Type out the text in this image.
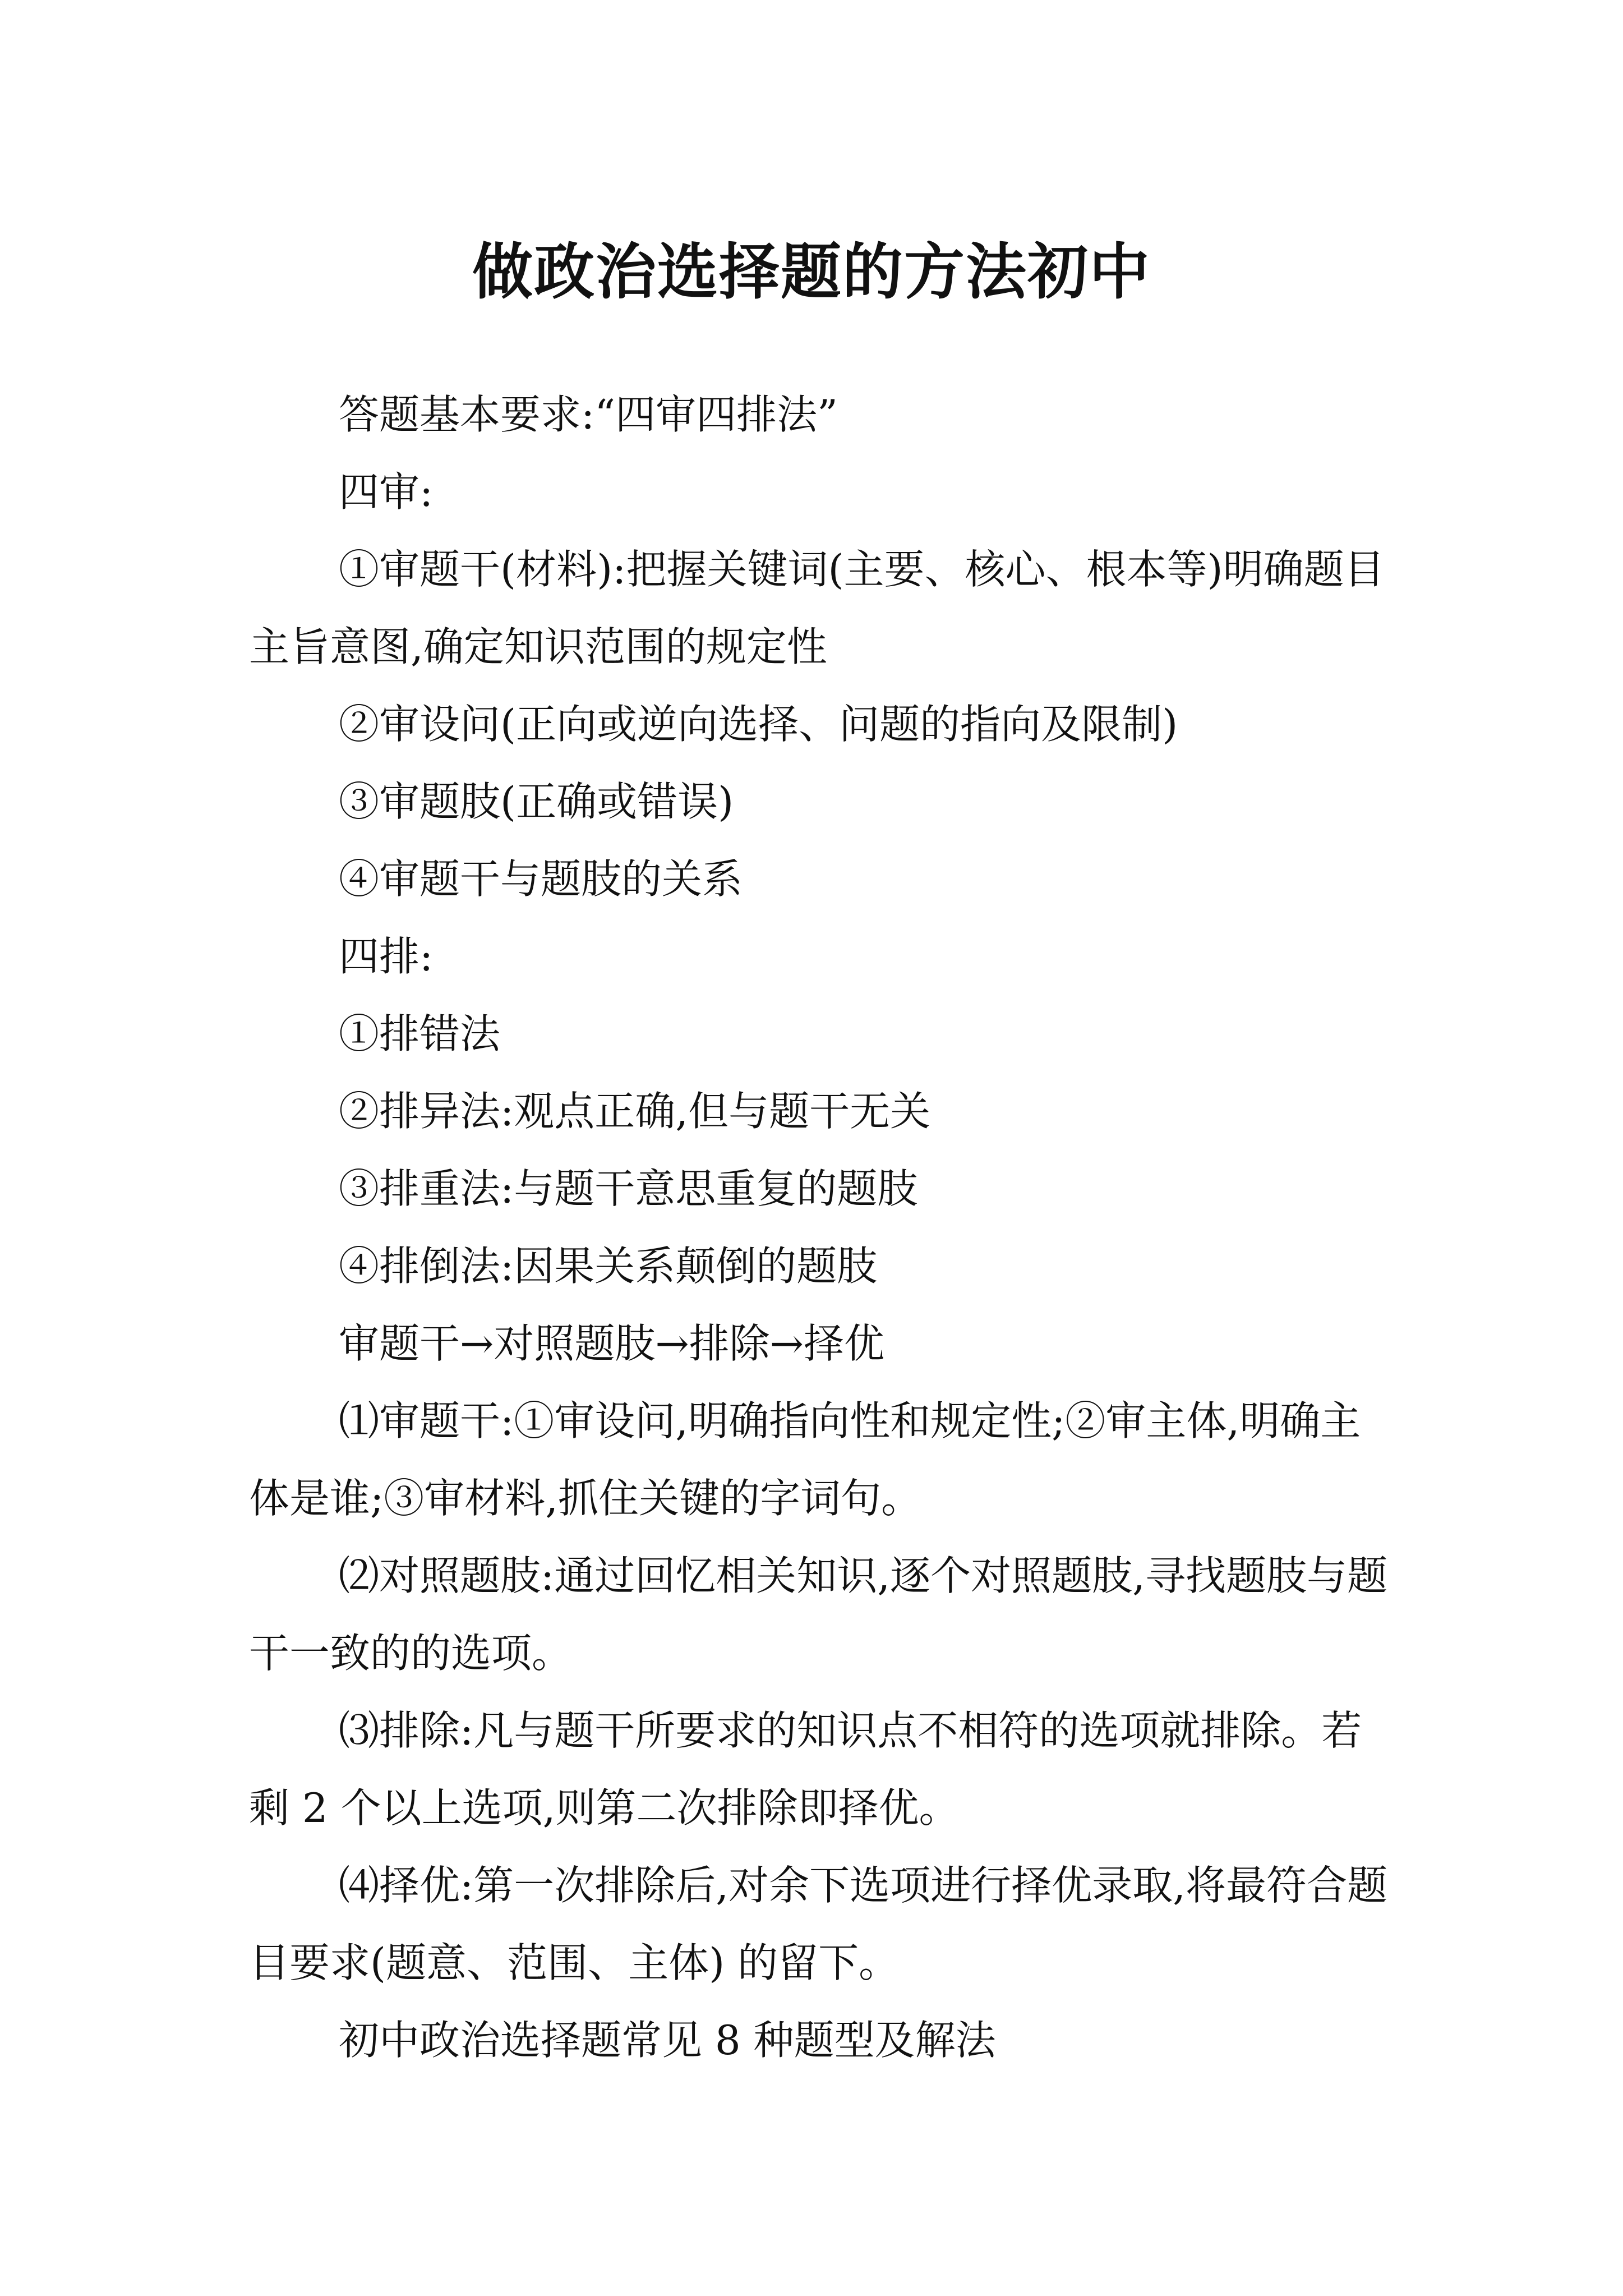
做政治选择题的方法初中

答题基本要求:“四审四排法”

四审:

①审题干(材料):把握关键词(主要、核心、根本等)明确题目主旨意图,确定知识范围的规定性

②审设问(正向或逆向选择、问题的指向及限制)

③审题肢(正确或错误)

④审题干与题肢的关系

四排:

①排错法

②排异法:观点正确,但与题干无关

③排重法:与题干意思重复的题肢

④排倒法:因果关系颠倒的题肢

审题干→对照题肢→排除→择优

⑴审题干:①审设问,明确指向性和规定性;②审主体,明确主体是谁;③审材料,抓住关键的字词句。

⑵对照题肢:通过回忆相关知识,逐个对照题肢,寻找题肢与题干一致的的选项。

⑶排除:凡与题干所要求的知识点不相符的选项就排除。若剩 2 个以上选项,则第二次排除即择优。

⑷择优:第一次排除后,对余下选项进行择优录取,将最符合题目要求(题意、范围、主体) 的留下。

初中政治选择题常见 8 种题型及解法
